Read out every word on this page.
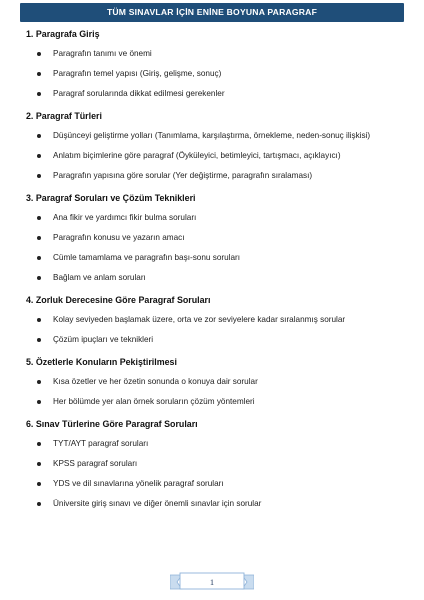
TÜM SINAVLAR İÇİN ENİNE BOYUNA PARAGRAF
1. Paragrafa Giriş
Paragrafın tanımı ve önemi
Paragrafın temel yapısı (Giriş, gelişme, sonuç)
Paragraf sorularında dikkat edilmesi gerekenler
2. Paragraf Türleri
Düşünceyi geliştirme yolları (Tanımlama, karşılaştırma, örnekleme, neden-sonuç ilişkisi)
Anlatım biçimlerine göre paragraf (Öyküleyici, betimleyici, tartışmacı, açıklayıcı)
Paragrafın yapısına göre sorular (Yer değiştirme, paragrafın sıralaması)
3. Paragraf Soruları ve Çözüm Teknikleri
Ana fikir ve yardımcı fikir bulma soruları
Paragrafın konusu ve yazarın amacı
Cümle tamamlama ve paragrafın başı-sonu soruları
Bağlam ve anlam soruları
4. Zorluk Derecesine Göre Paragraf Soruları
Kolay seviyeden başlamak üzere, orta ve zor seviyelere kadar sıralanmış sorular
Çözüm ipuçları ve teknikleri
5. Özetlerle Konuların Pekiştirilmesi
Kısa özetler ve her özetin sonunda o konuya dair sorular
Her bölümde yer alan örnek soruların çözüm yöntemleri
6. Sınav Türlerine Göre Paragraf Soruları
TYT/AYT paragraf soruları
KPSS paragraf soruları
YDS ve dil sınavlarına yönelik paragraf soruları
Üniversite giriş sınavı ve diğer önemli sınavlar için sorular
1
